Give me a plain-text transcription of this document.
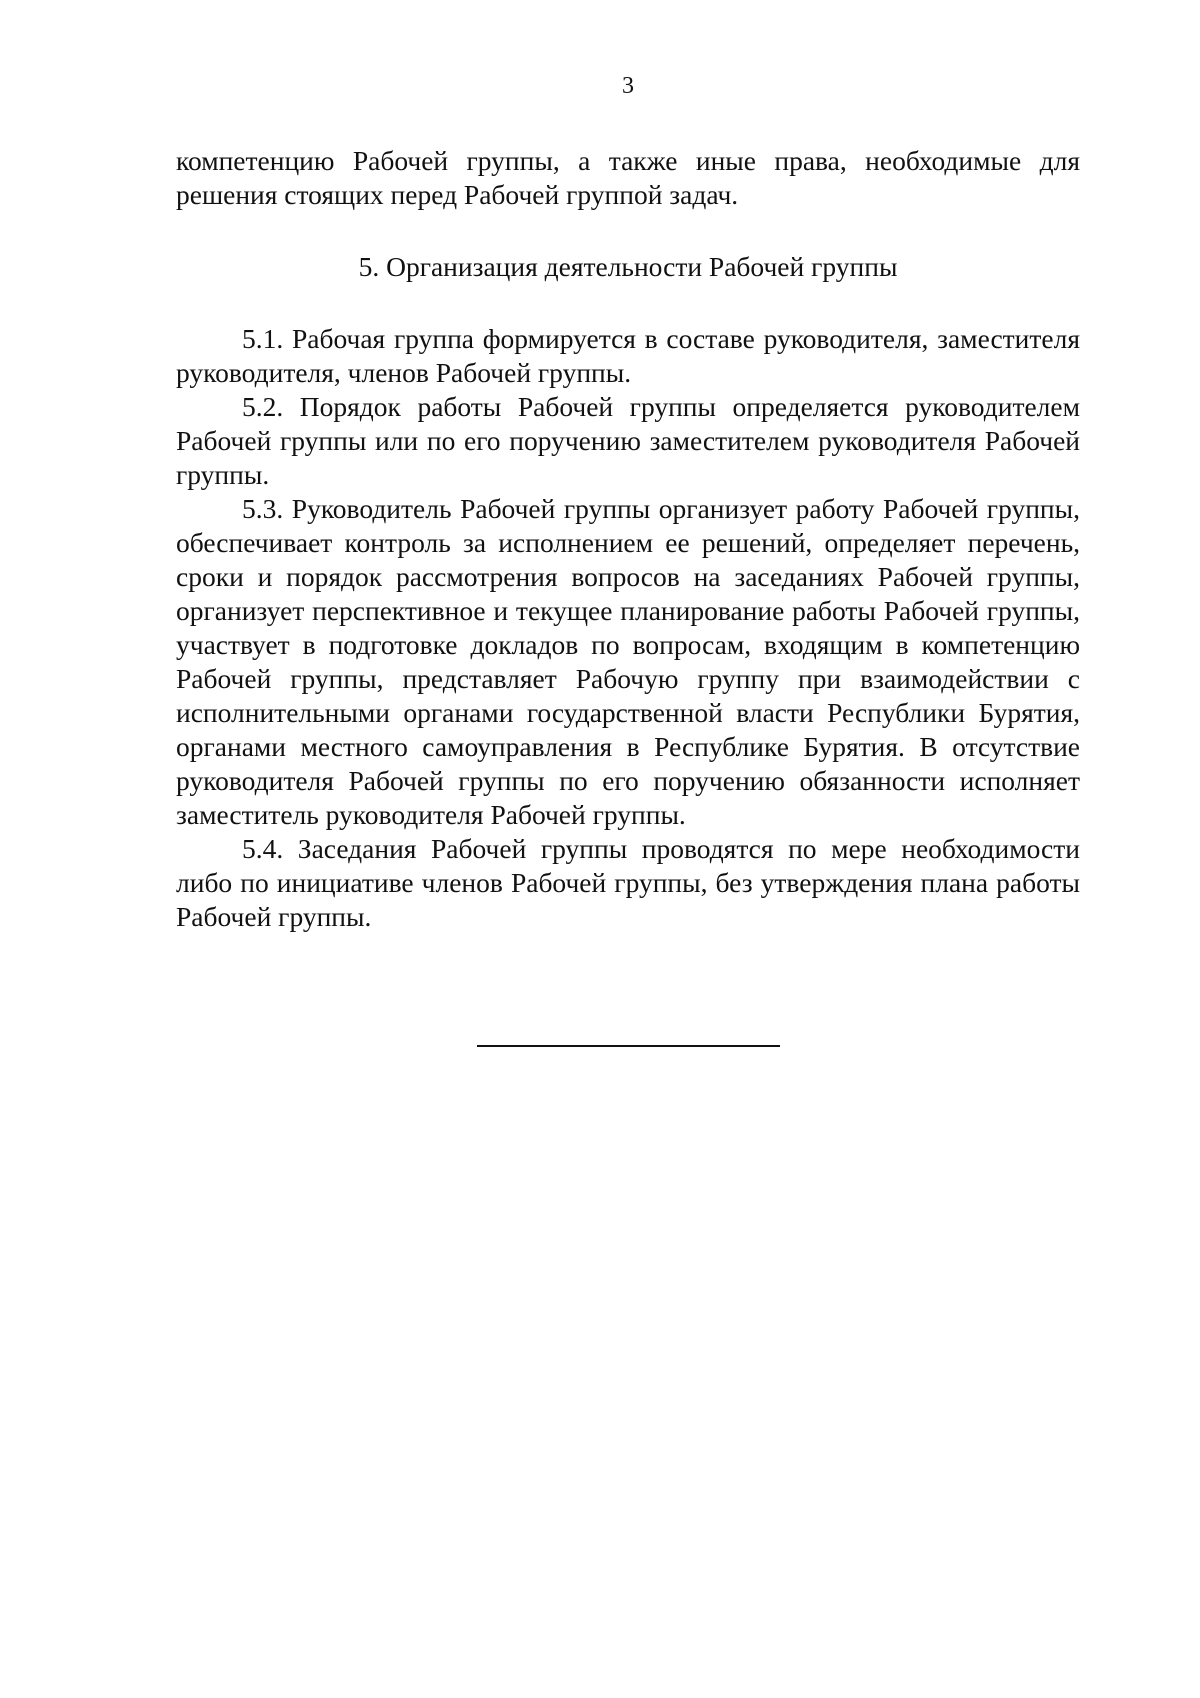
3

компетенцию Рабочей группы, а также иные права, необходимые для решения стоящих перед Рабочей группой задач.

5. Организация деятельности Рабочей группы

5.1. Рабочая группа формируется в составе руководителя, заместителя руководителя, членов Рабочей группы.

5.2. Порядок работы Рабочей группы определяется руководителем Рабочей группы или по его поручению заместителем руководителя Рабочей группы.

5.3. Руководитель Рабочей группы организует работу Рабочей группы, обеспечивает контроль за исполнением ее решений, определяет перечень, сроки и порядок рассмотрения вопросов на заседаниях Рабочей группы, организует перспективное и текущее планирование работы Рабочей группы, участвует в подготовке докладов по вопросам, входящим в компетенцию Рабочей группы, представляет Рабочую группу при взаимодействии с исполнительными органами государственной власти Республики Бурятия, органами местного самоуправления в Республике Бурятия. В отсутствие руководителя Рабочей группы по его поручению обязанности исполняет заместитель руководителя Рабочей группы.

5.4. Заседания Рабочей группы проводятся по мере необходимости либо по инициативе членов Рабочей группы, без утверждения плана работы Рабочей группы.
